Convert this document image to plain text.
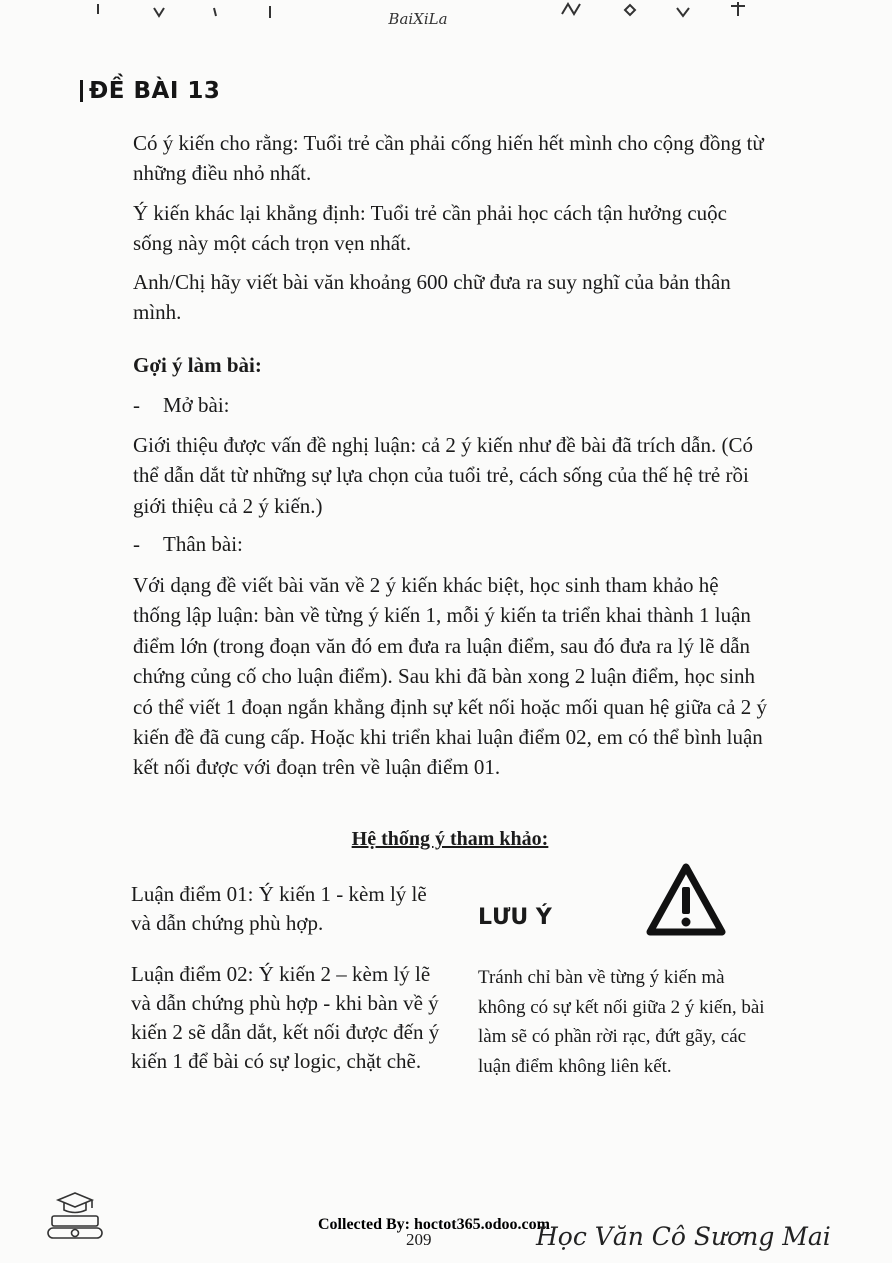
BaiXiLa
ĐỀ BÀI 13

Có ý kiến cho rằng: Tuổi trẻ cần phải cống hiến hết mình cho cộng đồng từ những điều nhỏ nhất.

Ý kiến khác lại khẳng định: Tuổi trẻ cần phải học cách tận hưởng cuộc sống này một cách trọn vẹn nhất.

Anh/Chị hãy viết bài văn khoảng 600 chữ đưa ra suy nghĩ của bản thân mình.

Gợi ý làm bài:

- Mở bài:

Giới thiệu được vấn đề nghị luận: cả 2 ý kiến như đề bài đã trích dẫn. (Có thể dẫn dắt từ những sự lựa chọn của tuổi trẻ, cách sống của thế hệ trẻ rồi giới thiệu cả 2 ý kiến.)

- Thân bài:

Với dạng đề viết bài văn về 2 ý kiến khác biệt, học sinh tham khảo hệ thống lập luận: bàn về từng ý kiến 1, mỗi ý kiến ta triển khai thành 1 luận điểm lớn (trong đoạn văn đó em đưa ra luận điểm, sau đó đưa ra lý lẽ dẫn chứng củng cố cho luận điểm). Sau khi đã bàn xong 2 luận điểm, học sinh có thể viết 1 đoạn ngắn khẳng định sự kết nối hoặc mối quan hệ giữa cả 2 ý kiến đề đã cung cấp. Hoặc khi triển khai luận điểm 02, em có thể bình luận kết nối được với đoạn trên về luận điểm 01.

Hệ thống ý tham khảo:

Luận điểm 01: Ý kiến 1 - kèm lý lẽ và dẫn chứng phù hợp.

Luận điểm 02: Ý kiến 2 – kèm lý lẽ và dẫn chứng phù hợp - khi bàn về ý kiến 2 sẽ dẫn dắt, kết nối được đến ý kiến 1 để bài có sự logic, chặt chẽ.

LƯU Ý

Tránh chỉ bàn về từng ý kiến mà không có sự kết nối giữa 2 ý kiến, bài làm sẽ có phần rời rạc, đứt gãy, các luận điểm không liên kết.

Collected By: hoctot365.odoo.com
209	Học Văn Cô Sương Mai
